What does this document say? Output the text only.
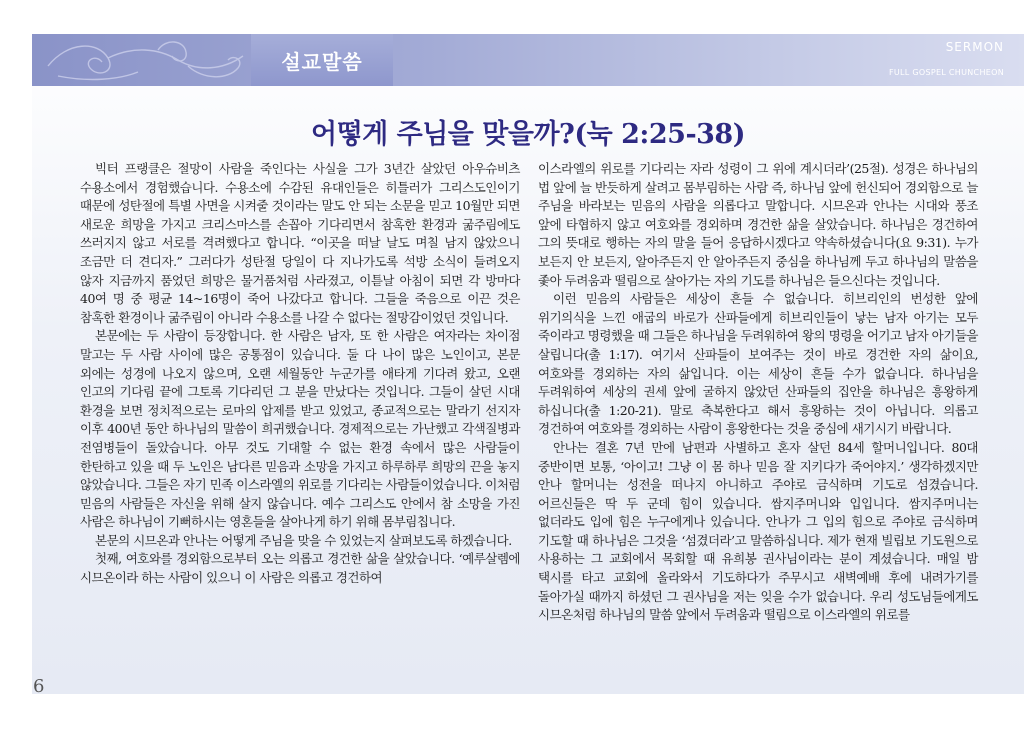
설교말씀
SERMON
FULL GOSPEL CHUNCHEON
어떻게 주님을 맞을까?(눅 2:25-38)

빅터 프랭클은 절망이 사람을 죽인다는 사실을 그가 3년간 살았던 아우슈비츠 수용소에서 경험했습니다. 수용소에 수감된 유대인들은 히틀러가 그리스도인이기 때문에 성탄절에 특별 사면을 시켜줄 것이라는 말도 안 되는 소문을 믿고 10월만 되면 새로운 희망을 가지고 크리스마스를 손꼽아 기다리면서 참혹한 환경과 굶주림에도 쓰러지지 않고 서로를 격려했다고 합니다. “이곳을 떠날 날도 며칠 남지 않았으니 조금만 더 견디자.” 그러다가 성탄절 당일이 다 지나가도록 석방 소식이 들려오지 않자 지금까지 품었던 희망은 물거품처럼 사라졌고, 이튿날 아침이 되면 각 방마다 40여 명 중 평균 14~16명이 죽어 나갔다고 합니다. 그들을 죽음으로 이끈 것은 참혹한 환경이나 굶주림이 아니라 수용소를 나갈 수 없다는 절망감이었던 것입니다.

본문에는 두 사람이 등장합니다. 한 사람은 남자, 또 한 사람은 여자라는 차이점 말고는 두 사람 사이에 많은 공통점이 있습니다. 둘 다 나이 많은 노인이고, 본문 외에는 성경에 나오지 않으며, 오랜 세월동안 누군가를 애타게 기다려 왔고, 오랜 인고의 기다림 끝에 그토록 기다리던 그 분을 만났다는 것입니다. 그들이 살던 시대 환경을 보면 정치적으로는 로마의 압제를 받고 있었고, 종교적으로는 말라기 선지자 이후 400년 동안 하나님의 말씀이 희귀했습니다. 경제적으로는 가난했고 각색질병과 전염병들이 돌았습니다. 아무 것도 기대할 수 없는 환경 속에서 많은 사람들이 한탄하고 있을 때 두 노인은 남다른 믿음과 소망을 가지고 하루하루 희망의 끈을 놓지 않았습니다. 그들은 자기 민족 이스라엘의 위로를 기다리는 사람들이었습니다. 이처럼 믿음의 사람들은 자신을 위해 살지 않습니다. 예수 그리스도 안에서 참 소망을 가진 사람은 하나님이 기뻐하시는 영혼들을 살아나게 하기 위해 몸부림칩니다.

본문의 시므온과 안나는 어떻게 주님을 맞을 수 있었는지 살펴보도록 하겠습니다.

첫째, 여호와를 경외함으로부터 오는 의롭고 경건한 삶을 살았습니다. ‘예루살렘에 시므온이라 하는 사람이 있으니 이 사람은 의롭고 경건하여

이스라엘의 위로를 기다리는 자라 성령이 그 위에 계시더라’(25절). 성경은 하나님의 법 앞에 늘 반듯하게 살려고 몸부림하는 사람 즉, 하나님 앞에 헌신되어 경외함으로 늘 주님을 바라보는 믿음의 사람을 의롭다고 말합니다. 시므온과 안나는 시대와 풍조 앞에 타협하지 않고 여호와를 경외하며 경건한 삶을 살았습니다. 하나님은 경건하여 그의 뜻대로 행하는 자의 말을 들어 응답하시겠다고 약속하셨습니다(요 9:31). 누가 보든지 안 보든지, 알아주든지 안 알아주든지 중심을 하나님께 두고 하나님의 말씀을 좇아 두려움과 떨림으로 살아가는 자의 기도를 하나님은 들으신다는 것입니다.

이런 믿음의 사람들은 세상이 흔들 수 없습니다. 히브리인의 번성한 앞에 위기의식을 느낀 애굽의 바로가 산파들에게 히브리인들이 낳는 남자 아기는 모두 죽이라고 명령했을 때 그들은 하나님을 두려워하여 왕의 명령을 어기고 남자 아기들을 살립니다(출 1:17). 여기서 산파들이 보여주는 것이 바로 경건한 자의 삶이요, 여호와를 경외하는 자의 삶입니다. 이는 세상이 흔들 수가 없습니다. 하나님을 두려워하여 세상의 권세 앞에 굴하지 않았던 산파들의 집안을 하나님은 흥왕하게 하십니다(출 1:20-21). 말로 축복한다고 해서 흥왕하는 것이 아닙니다. 의롭고 경건하여 여호와를 경외하는 사람이 흥왕한다는 것을 중심에 새기시기 바랍니다.

안나는 결혼 7년 만에 남편과 사별하고 혼자 살던 84세 할머니입니다. 80대 중반이면 보통, ‘아이고! 그냥 이 몸 하나 믿음 잘 지키다가 죽어야지.’ 생각하겠지만 안나 할머니는 성전을 떠나지 아니하고 주야로 금식하며 기도로 섬겼습니다. 어르신들은 딱 두 군데 힘이 있습니다. 쌈지주머니와 입입니다. 쌈지주머니는 없더라도 입에 힘은 누구에게나 있습니다. 안나가 그 입의 힘으로 주야로 금식하며 기도할 때 하나님은 그것을 ‘섬겼더라’고 말씀하십니다. 제가 현재 빌립보 기도원으로 사용하는 그 교회에서 목회할 때 유희봉 권사님이라는 분이 계셨습니다. 매일 밤 택시를 타고 교회에 올라와서 기도하다가 주무시고 새벽예배 후에 내려가기를 돌아가실 때까지 하셨던 그 권사님을 저는 잊을 수가 없습니다. 우리 성도님들에게도 시므온처럼 하나님의 말씀 앞에서 두려움과 떨림으로 이스라엘의 위로를

6
